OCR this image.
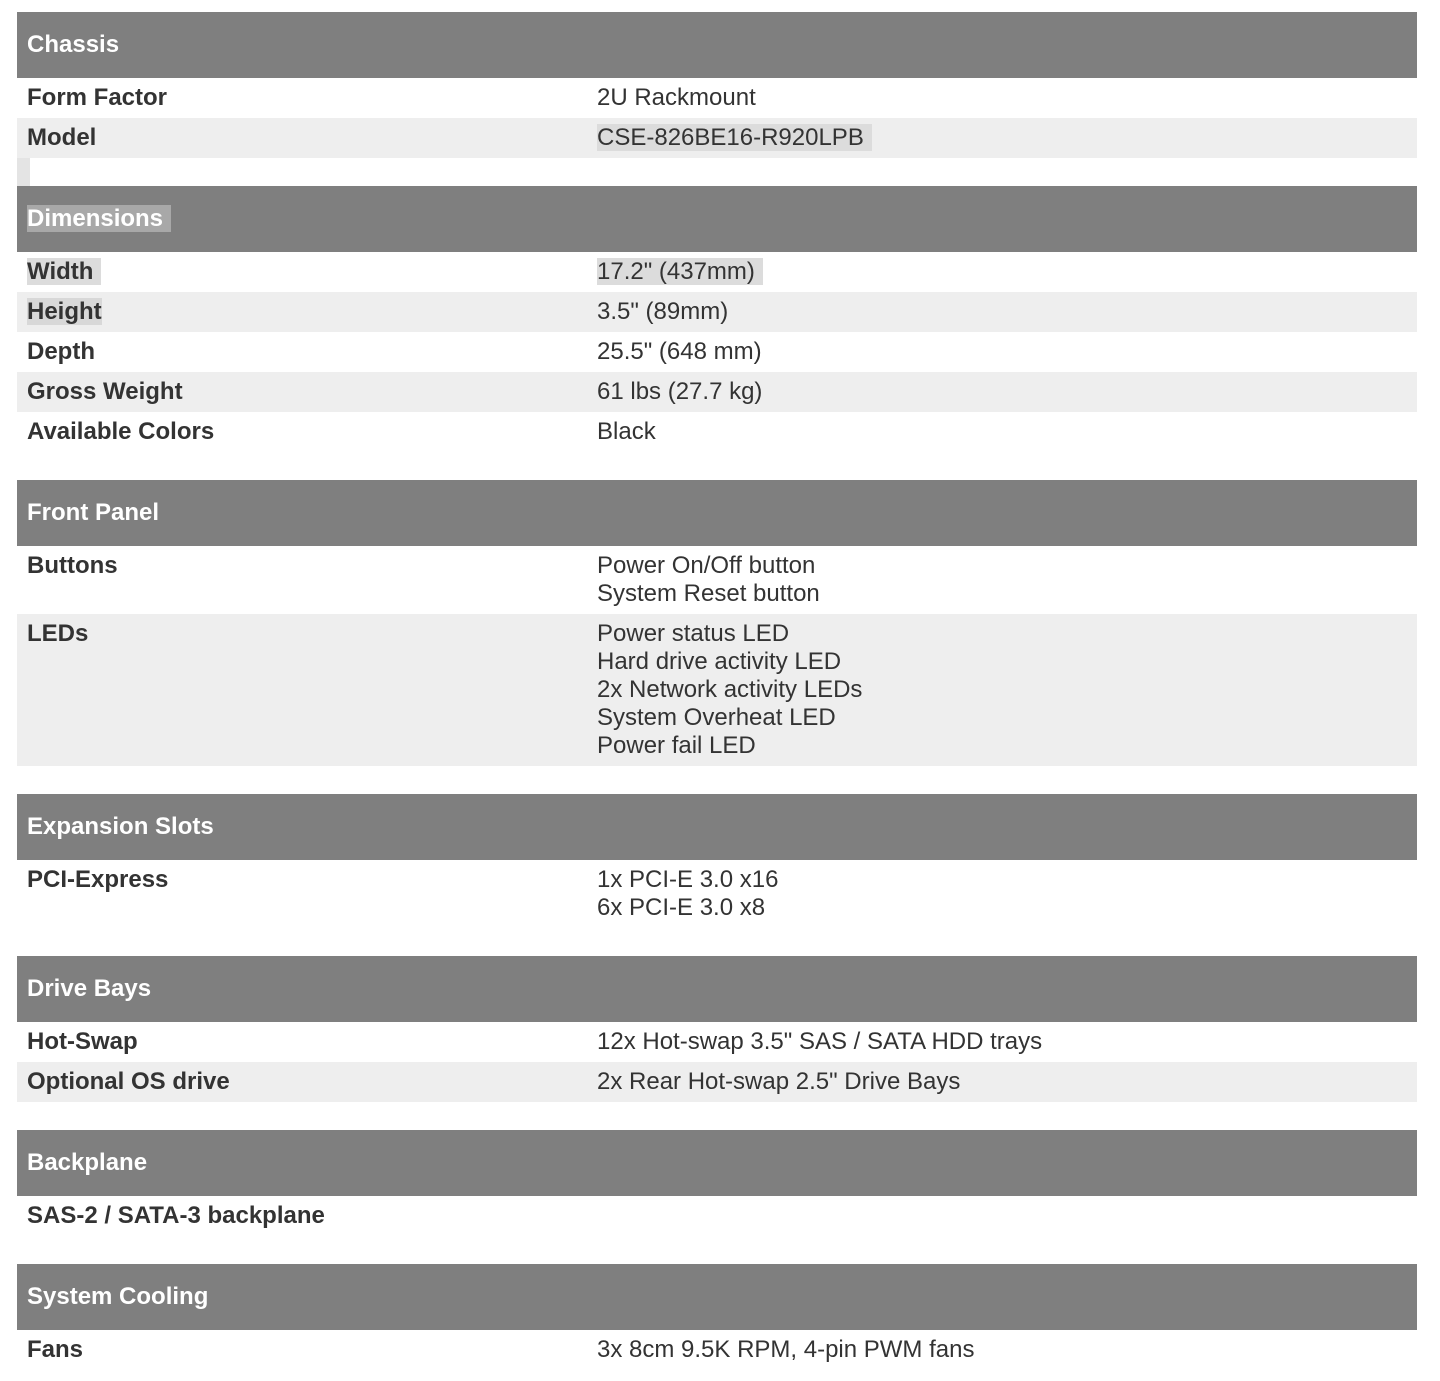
Chassis
Form Factor	2U Rackmount
Model	CSE-826BE16-R920LPB
Dimensions
Width	17.2" (437mm)
Height	3.5" (89mm)
Depth	25.5" (648 mm)
Gross Weight	61 lbs (27.7 kg)
Available Colors	Black
Front Panel
Buttons	Power On/Off button
System Reset button
LEDs	Power status LED
Hard drive activity LED
2x Network activity LEDs
System Overheat LED
Power fail LED
Expansion Slots
PCI-Express	1x PCI-E 3.0 x16
6x PCI-E 3.0 x8
Drive Bays
Hot-Swap	12x Hot-swap 3.5" SAS / SATA HDD trays
Optional OS drive	2x Rear Hot-swap 2.5" Drive Bays
Backplane
SAS-2 / SATA-3 backplane
System Cooling
Fans	3x 8cm 9.5K RPM, 4-pin PWM fans
